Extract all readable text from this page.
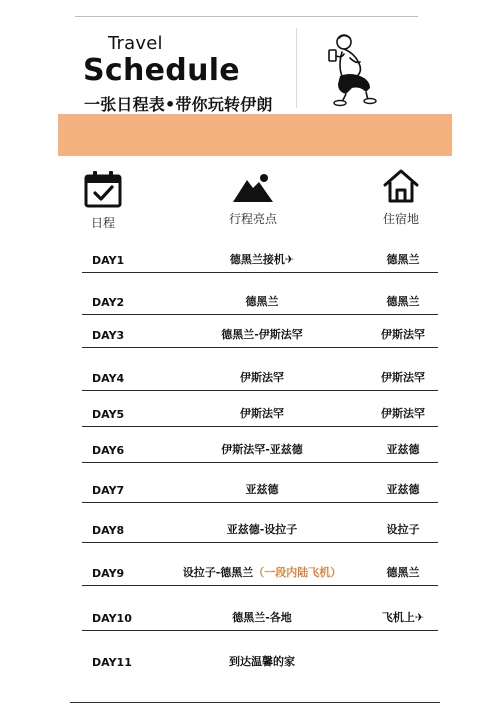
Travel
Schedule
一张日程表•带你玩转伊朗
日程	行程亮点	住宿地
DAY1	德黑兰接机✈	德黑兰
DAY2	德黑兰	德黑兰
DAY3	德黑兰-伊斯法罕	伊斯法罕
DAY4	伊斯法罕	伊斯法罕
DAY5	伊斯法罕	伊斯法罕
DAY6	伊斯法罕-亚兹德	亚兹德
DAY7	亚兹德	亚兹德
DAY8	亚兹德-设拉子	设拉子
DAY9	设拉子-德黑兰（一段内陆飞机）	德黑兰
DAY10	德黑兰-各地	飞机上✈
DAY11	到达温馨的家
